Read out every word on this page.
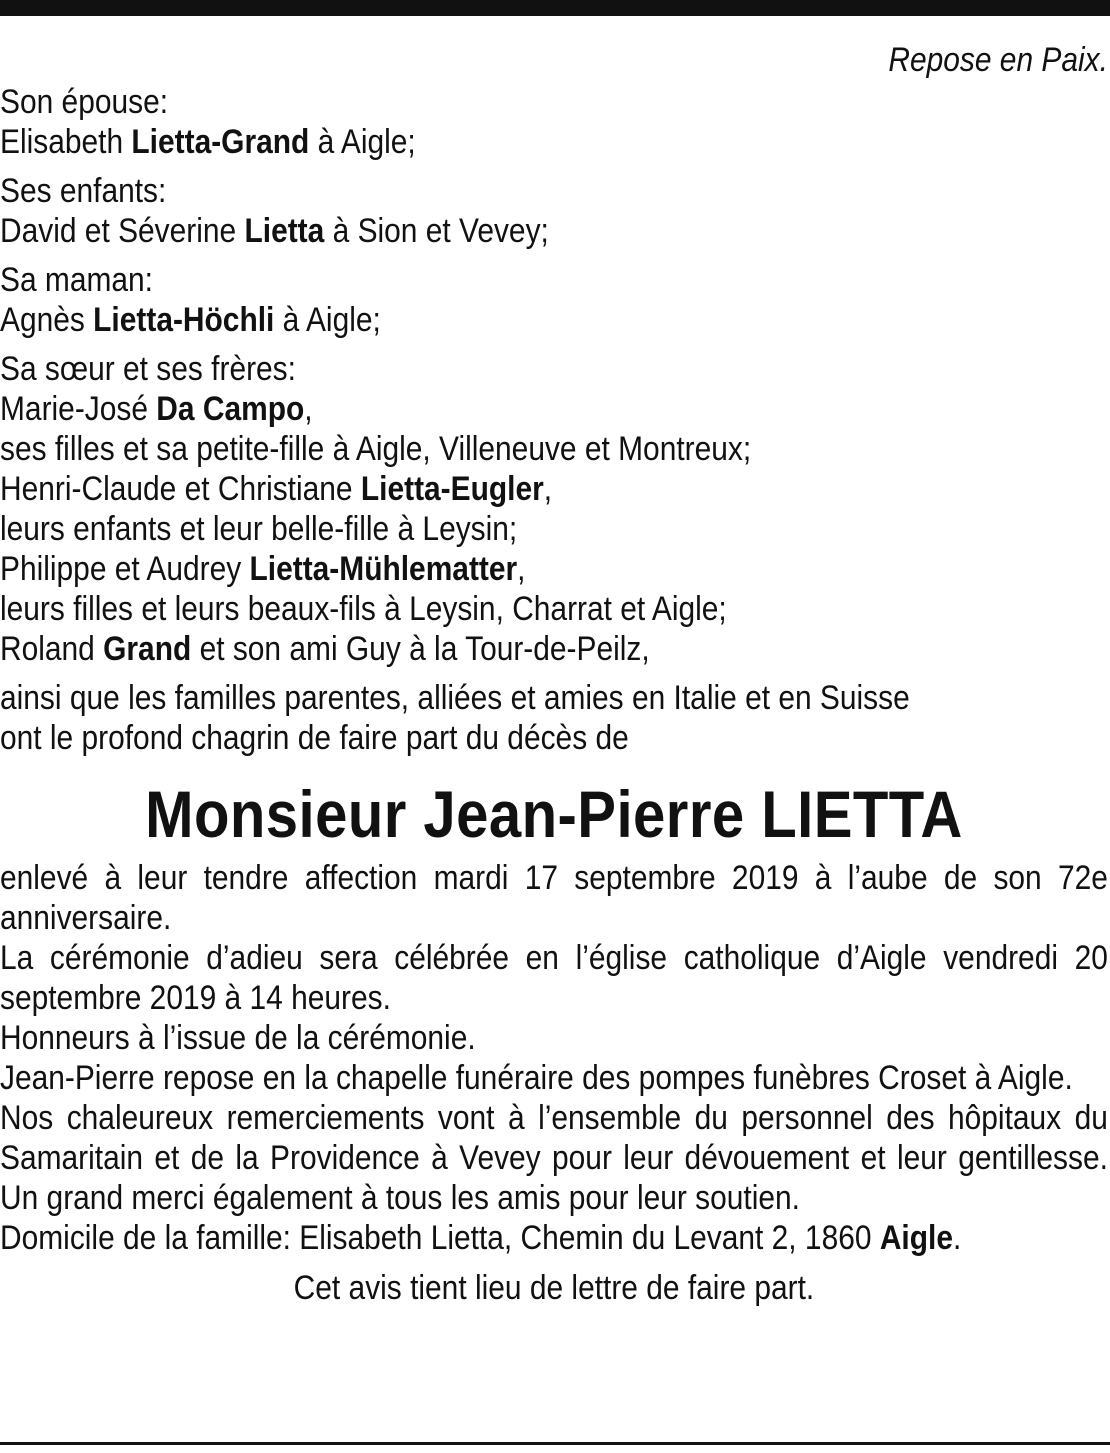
Repose en Paix.
Son épouse:
Elisabeth Lietta-Grand à Aigle;
Ses enfants:
David et Séverine Lietta à Sion et Vevey;
Sa maman:
Agnès Lietta-Höchli à Aigle;
Sa sœur et ses frères:
Marie-José Da Campo,
ses filles et sa petite-fille à Aigle, Villeneuve et Montreux;
Henri-Claude et Christiane Lietta-Eugler,
leurs enfants et leur belle-fille à Leysin;
Philippe et Audrey Lietta-Mühlematter,
leurs filles et leurs beaux-fils à Leysin, Charrat et Aigle;
Roland Grand et son ami Guy à la Tour-de-Peilz,
ainsi que les familles parentes, alliées et amies en Italie et en Suisse
ont le profond chagrin de faire part du décès de
Monsieur Jean-Pierre LIETTA
enlevé à leur tendre affection mardi 17 septembre 2019 à l’aube de son 72e anniversaire.
La cérémonie d’adieu sera célébrée en l’église catholique d’Aigle vendredi 20 septembre 2019 à 14 heures.
Honneurs à l’issue de la cérémonie.
Jean-Pierre repose en la chapelle funéraire des pompes funèbres Croset à Aigle.
Nos chaleureux remerciements vont à l’ensemble du personnel des hôpitaux du Samaritain et de la Providence à Vevey pour leur dévouement et leur gentillesse. Un grand merci également à tous les amis pour leur soutien.
Domicile de la famille: Elisabeth Lietta, Chemin du Levant 2, 1860 Aigle.
Cet avis tient lieu de lettre de faire part.
